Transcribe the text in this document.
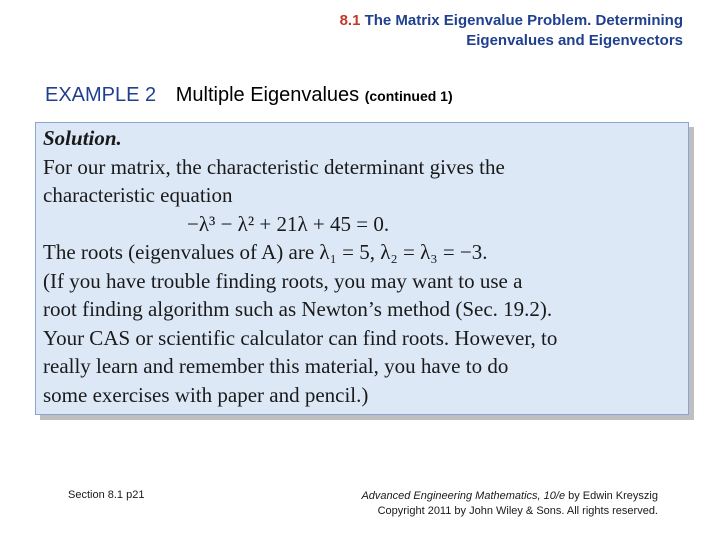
8.1 The Matrix Eigenvalue Problem. Determining
Eigenvalues and Eigenvectors
EXAMPLE 2 Multiple Eigenvalues (continued 1)
Solution.
For our matrix, the characteristic determinant gives the
characteristic equation
−λ³ − λ² + 21λ + 45 = 0.
The roots (eigenvalues of A) are λ₁ = 5, λ₂ = λ₃ = −3.
(If you have trouble finding roots, you may want to use a
root finding algorithm such as Newton’s method (Sec. 19.2).
Your CAS or scientific calculator can find roots. However, to
really learn and remember this material, you have to do
some exercises with paper and pencil.)
Section 8.1 p21	Advanced Engineering Mathematics, 10/e by Edwin Kreyszig
Copyright 2011 by John Wiley & Sons. All rights reserved.
